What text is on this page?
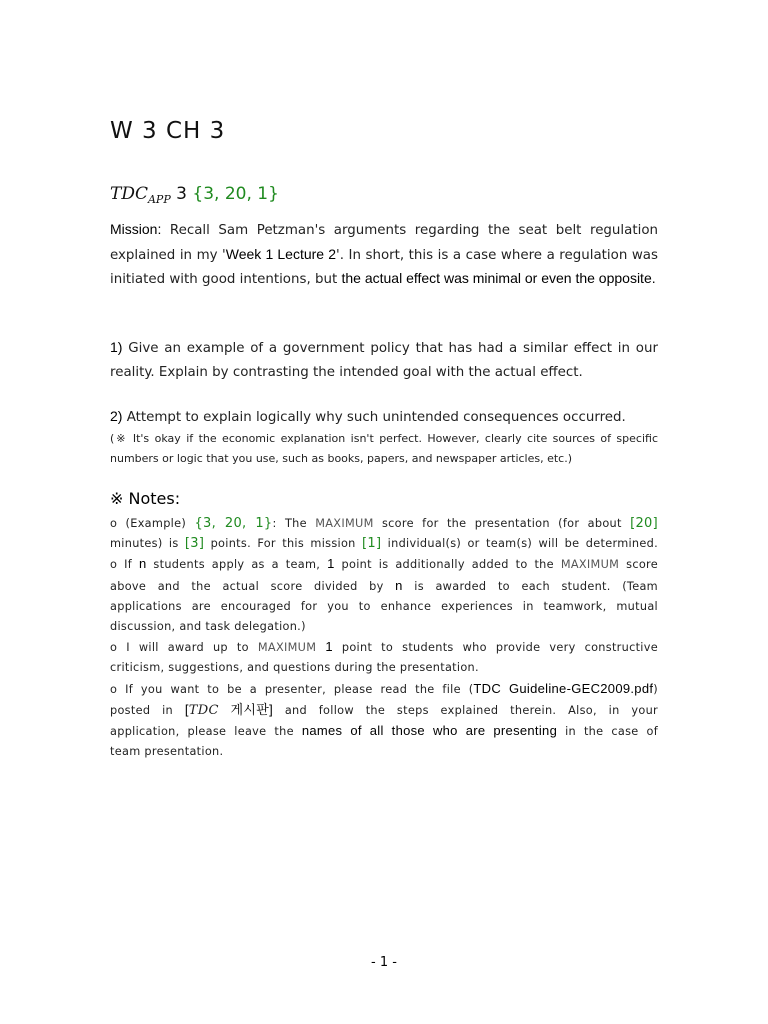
W 3 CH 3
$TDC_{APP}$ 3 {3, 20, 1}
Mission: Recall Sam Petzman's arguments regarding the seat belt regulation explained in my 'Week 1 Lecture 2'. In short, this is a case where a regulation was initiated with good intentions, but the actual effect was minimal or even the opposite.
1) Give an example of a government policy that has had a similar effect in our reality. Explain by contrasting the intended goal with the actual effect.
2) Attempt to explain logically why such unintended consequences occurred.
(※ It's okay if the economic explanation isn't perfect. However, clearly cite sources of specific numbers or logic that you use, such as books, papers, and newspaper articles, etc.)
※ Notes:
o (Example) {3, 20, 1}: The MAXIMUM score for the presentation (for about [20]
minutes) is [3] points. For this mission [1] individual(s) or team(s) will be determined.
o If n students apply as a team, 1 point is additionally added to the MAXIMUM score
above and the actual score divided by n is awarded to each student. (Team
applications are encouraged for you to enhance experiences in teamwork, mutual
discussion, and task delegation.)
o I will award up to MAXIMUM 1 point to students who provide very constructive
criticism, suggestions, and questions during the presentation.
o If you want to be a presenter, please read the file (TDC Guideline-GEC2009.pdf)
posted in [TDC 게시판] and follow the steps explained therein. Also, in your
application, please leave the names of all those who are presenting in the case of
team presentation.
- 1 -
